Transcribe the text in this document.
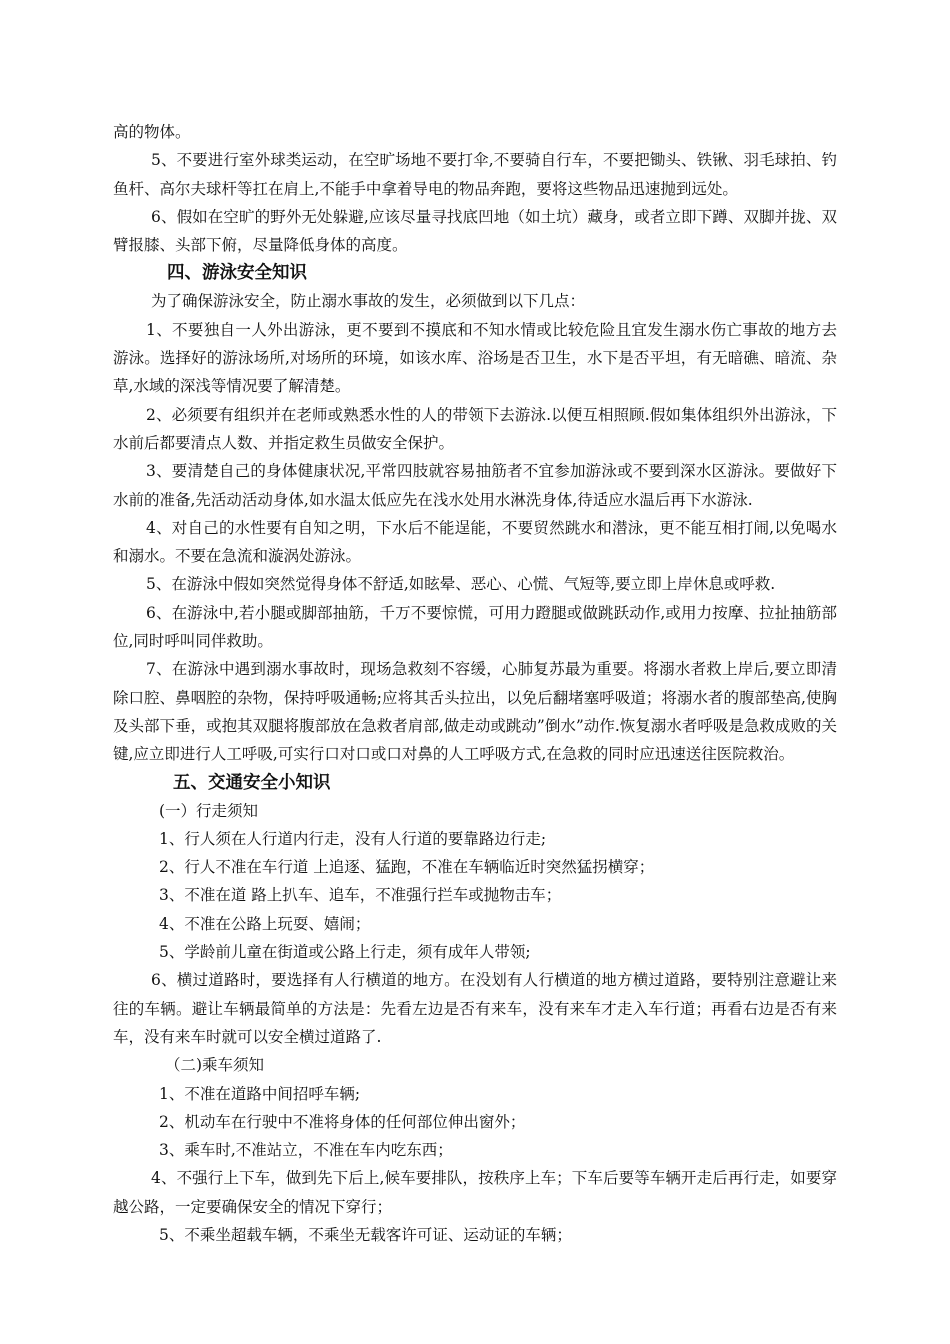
高的物体。

5、不要进行室外球类运动，在空旷场地不要打伞,不要骑自行车，不要把锄头、铁锹、羽毛球拍、钓鱼杆、高尔夫球杆等扛在肩上,不能手中拿着导电的物品奔跑，要将这些物品迅速抛到远处。

6、假如在空旷的野外无处躲避,应该尽量寻找底凹地（如土坑）藏身，或者立即下蹲、双脚并拢、双臂报膝、头部下俯，尽量降低身体的高度。

四、游泳安全知识

为了确保游泳安全，防止溺水事故的发生，必须做到以下几点：

1、不要独自一人外出游泳，更不要到不摸底和不知水情或比较危险且宜发生溺水伤亡事故的地方去游泳。选择好的游泳场所,对场所的环境，如该水库、浴场是否卫生，水下是否平坦，有无暗礁、暗流、杂草,水域的深浅等情况要了解清楚。

2、必须要有组织并在老师或熟悉水性的人的带领下去游泳.以便互相照顾.假如集体组织外出游泳，下水前后都要清点人数、并指定救生员做安全保护。

3、要清楚自己的身体健康状况,平常四肢就容易抽筋者不宜参加游泳或不要到深水区游泳。要做好下水前的准备,先活动活动身体,如水温太低应先在浅水处用水淋洗身体,待适应水温后再下水游泳.

4、对自己的水性要有自知之明，下水后不能逞能，不要贸然跳水和潜泳，更不能互相打闹,以免喝水和溺水。不要在急流和漩涡处游泳。

5、在游泳中假如突然觉得身体不舒适,如眩晕、恶心、心慌、气短等,要立即上岸休息或呼救.

6、在游泳中,若小腿或脚部抽筋，千万不要惊慌，可用力蹬腿或做跳跃动作,或用力按摩、拉扯抽筋部位,同时呼叫同伴救助。

7、在游泳中遇到溺水事故时，现场急救刻不容缓，心肺复苏最为重要。将溺水者救上岸后,要立即清除口腔、鼻咽腔的杂物，保持呼吸通畅;应将其舌头拉出，以免后翻堵塞呼吸道；将溺水者的腹部垫高,使胸及头部下垂，或抱其双腿将腹部放在急救者肩部,做走动或跳动”倒水”动作.恢复溺水者呼吸是急救成败的关键,应立即进行人工呼吸,可实行口对口或口对鼻的人工呼吸方式,在急救的同时应迅速送往医院救治。

五、交通安全小知识

(一）行走须知

1、行人须在人行道内行走，没有人行道的要靠路边行走;

2、行人不准在车行道 上追逐、猛跑，不准在车辆临近时突然猛拐横穿；

3、不准在道 路上扒车、追车，不准强行拦车或抛物击车；

4、不准在公路上玩耍、嬉闹；

5、学龄前儿童在街道或公路上行走，须有成年人带领;

6、横过道路时，要选择有人行横道的地方。在没划有人行横道的地方横过道路，要特别注意避让来往的车辆。避让车辆最简单的方法是：先看左边是否有来车，没有来车才走入车行道；再看右边是否有来车，没有来车时就可以安全横过道路了.

（二)乘车须知

1、不准在道路中间招呼车辆;

2、机动车在行驶中不准将身体的任何部位伸出窗外；

3、乘车时,不准站立，不准在车内吃东西；

4、不强行上下车，做到先下后上,候车要排队，按秩序上车；下车后要等车辆开走后再行走，如要穿越公路，一定要确保安全的情况下穿行；

5、不乘坐超载车辆，不乘坐无载客许可证、运动证的车辆；
